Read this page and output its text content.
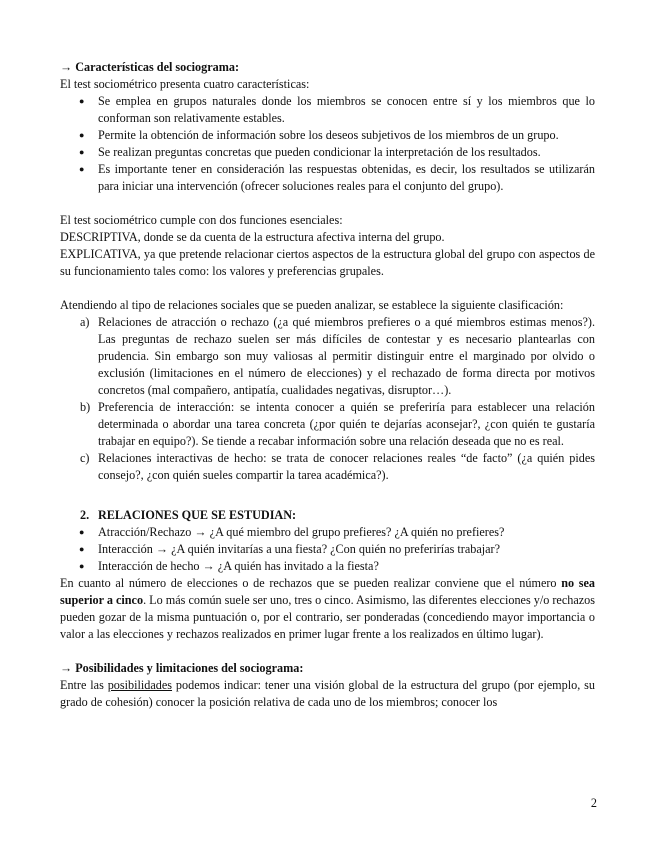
→ Características del sociograma:

El test sociométrico presenta cuatro características:

● Se emplea en grupos naturales donde los miembros se conocen entre sí y los miembros que lo conforman son relativamente estables.
● Permite la obtención de información sobre los deseos subjetivos de los miembros de un grupo.
● Se realizan preguntas concretas que pueden condicionar la interpretación de los resultados.
● Es importante tener en consideración las respuestas obtenidas, es decir, los resultados se utilizarán para iniciar una intervención (ofrecer soluciones reales para el conjunto del grupo).

El test sociométrico cumple con dos funciones esenciales:

DESCRIPTIVA, donde se da cuenta de la estructura afectiva interna del grupo.

EXPLICATIVA, ya que pretende relacionar ciertos aspectos de la estructura global del grupo con aspectos de su funcionamiento tales como: los valores y preferencias grupales.

Atendiendo al tipo de relaciones sociales que se pueden analizar, se establece la siguiente clasificación:

a) Relaciones de atracción o rechazo (¿a qué miembros prefieres o a qué miembros estimas menos?). Las preguntas de rechazo suelen ser más difíciles de contestar y es necesario plantearlas con prudencia. Sin embargo son muy valiosas al permitir distinguir entre el marginado por olvido o exclusión (limitaciones en el número de elecciones) y el rechazado de forma directa por motivos concretos (mal compañero, antipatía, cualidades negativas, disruptor…).
b) Preferencia de interacción: se intenta conocer a quién se preferiría para establecer una relación determinada o abordar una tarea concreta (¿por quién te dejarías aconsejar?, ¿con quién te gustaría trabajar en equipo?). Se tiende a recabar información sobre una relación deseada que no es real.
c) Relaciones interactivas de hecho: se trata de conocer relaciones reales “de facto” (¿a quién pides consejo?, ¿con quién sueles compartir la tarea académica?).
2. RELACIONES QUE SE ESTUDIAN:
● Atracción/Rechazo → ¿A qué miembro del grupo prefieres? ¿A quién no prefieres?
● Interacción → ¿A quién invitarías a una fiesta? ¿Con quién no preferirías trabajar?
● Interacción de hecho → ¿A quién has invitado a la fiesta?

En cuanto al número de elecciones o de rechazos que se pueden realizar conviene que el número no sea superior a cinco. Lo más común suele ser uno, tres o cinco. Asimismo, las diferentes elecciones y/o rechazos pueden gozar de la misma puntuación o, por el contrario, ser ponderadas (concediendo mayor importancia o valor a las elecciones y rechazos realizados en primer lugar frente a los realizados en último lugar).

→ Posibilidades y limitaciones del sociograma:

Entre las posibilidades podemos indicar: tener una visión global de la estructura del grupo (por ejemplo, su grado de cohesión) conocer la posición relativa de cada uno de los miembros; conocer los

2
